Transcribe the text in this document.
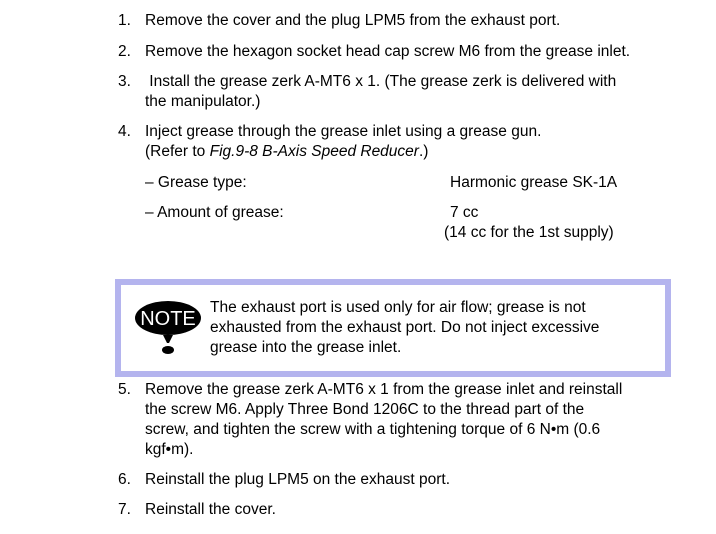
1. Remove the cover and the plug LPM5 from the exhaust port.
2. Remove the hexagon socket head cap screw M6 from the grease inlet.
3. Install the grease zerk A-MT6 x 1. (The grease zerk is delivered with
the manipulator.)
4. Inject grease through the grease inlet using a grease gun.
(Refer to Fig.9-8 B-Axis Speed Reducer.)
– Grease type:	Harmonic grease SK-1A
– Amount of grease:	7 cc
(14 cc for the 1st supply)
NOTE
The exhaust port is used only for air flow; grease is not
exhausted from the exhaust port. Do not inject excessive
grease into the grease inlet.
5. Remove the grease zerk A-MT6 x 1 from the grease inlet and reinstall
the screw M6. Apply Three Bond 1206C to the thread part of the
screw, and tighten the screw with a tightening torque of 6 N•m (0.6
kgf•m).
6. Reinstall the plug LPM5 on the exhaust port.
7. Reinstall the cover.
